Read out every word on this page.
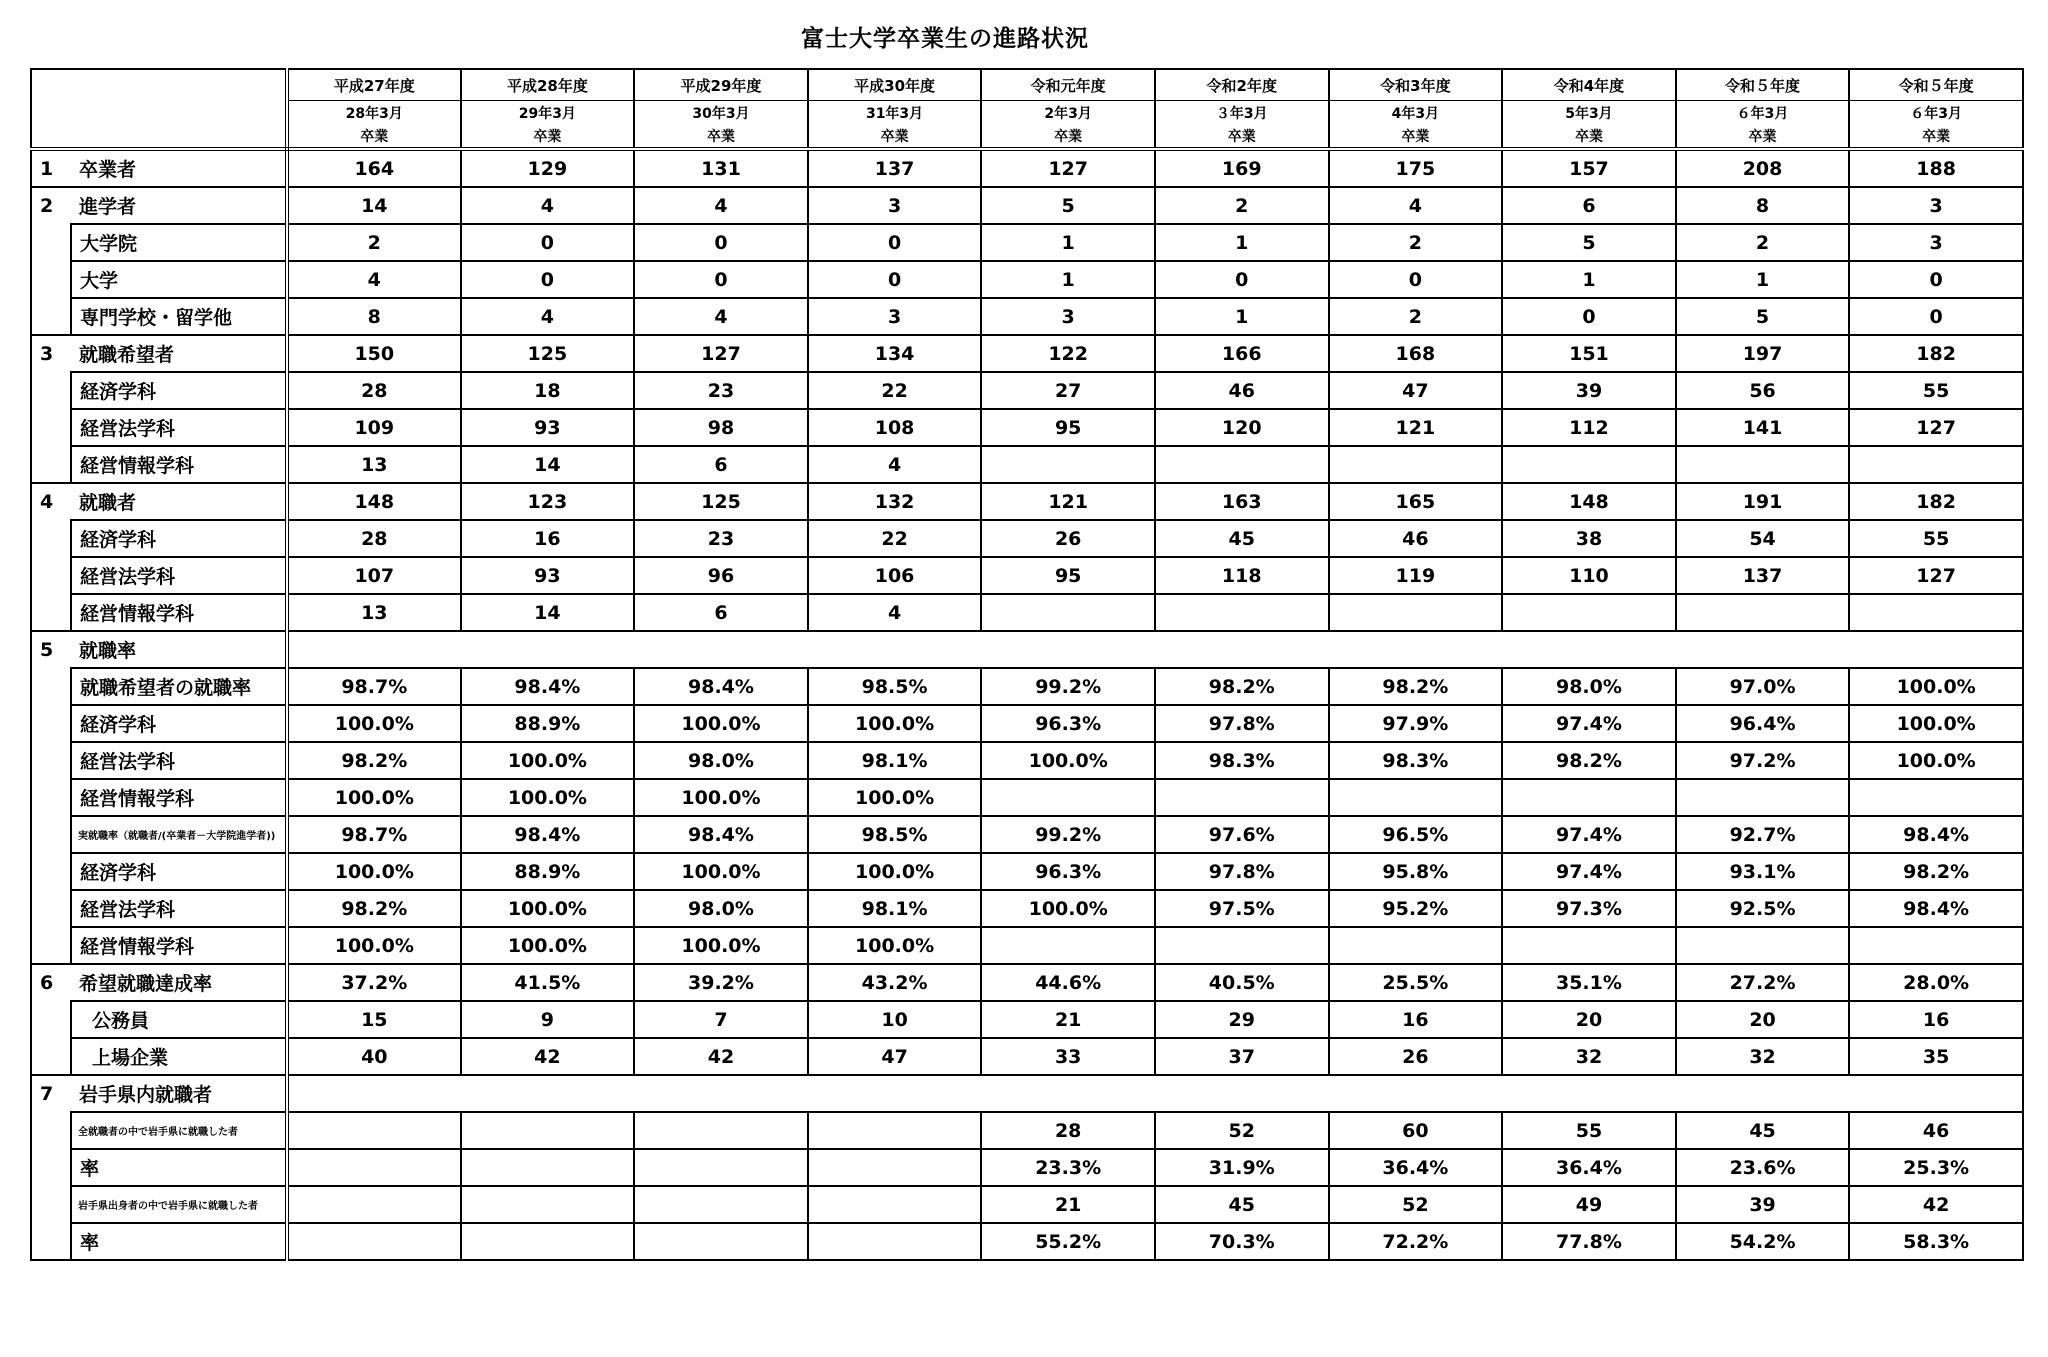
富士大学卒業生の進路状況
		平成27年度	平成28年度	平成29年度	平成30年度	令和元年度	令和2年度	令和3年度	令和4年度	令和５年度	令和５年度
		28年3月	29年3月	30年3月	31年3月	2年3月	３年3月	4年3月	5年3月	６年3月	６年3月
		卒業	卒業	卒業	卒業	卒業	卒業	卒業	卒業	卒業	卒業
1	卒業者	164	129	131	137	127	169	175	157	208	188
2	進学者	14	4	4	3	5	2	4	6	8	3
	大学院	2	0	0	0	1	1	2	5	2	3
	大学	4	0	0	0	1	0	0	1	1	0
	専門学校・留学他	8	4	4	3	3	1	2	0	5	0
3	就職希望者	150	125	127	134	122	166	168	151	197	182
	経済学科	28	18	23	22	27	46	47	39	56	55
	経営法学科	109	93	98	108	95	120	121	112	141	127
	経営情報学科	13	14	6	4						
4	就職者	148	123	125	132	121	163	165	148	191	182
	経済学科	28	16	23	22	26	45	46	38	54	55
	経営法学科	107	93	96	106	95	118	119	110	137	127
	経営情報学科	13	14	6	4						
5	就職率										
	就職希望者の就職率	98.7%	98.4%	98.4%	98.5%	99.2%	98.2%	98.2%	98.0%	97.0%	100.0%
	経済学科	100.0%	88.9%	100.0%	100.0%	96.3%	97.8%	97.9%	97.4%	96.4%	100.0%
	経営法学科	98.2%	100.0%	98.0%	98.1%	100.0%	98.3%	98.3%	98.2%	97.2%	100.0%
	経営情報学科	100.0%	100.0%	100.0%	100.0%						
	実就職率（就職者/(卒業者－大学院進学者))	98.7%	98.4%	98.4%	98.5%	99.2%	97.6%	96.5%	97.4%	92.7%	98.4%
	経済学科	100.0%	88.9%	100.0%	100.0%	96.3%	97.8%	95.8%	97.4%	93.1%	98.2%
	経営法学科	98.2%	100.0%	98.0%	98.1%	100.0%	97.5%	95.2%	97.3%	92.5%	98.4%
	経営情報学科	100.0%	100.0%	100.0%	100.0%						
6	希望就職達成率	37.2%	41.5%	39.2%	43.2%	44.6%	40.5%	25.5%	35.1%	27.2%	28.0%
	公務員	15	9	7	10	21	29	16	20	20	16
	上場企業	40	42	42	47	33	37	26	32	32	35
7	岩手県内就職者										
	全就職者の中で岩手県に就職した者					28	52	60	55	45	46
	率					23.3%	31.9%	36.4%	36.4%	23.6%	25.3%
	岩手県出身者の中で岩手県に就職した者					21	45	52	49	39	42
	率					55.2%	70.3%	72.2%	77.8%	54.2%	58.3%
